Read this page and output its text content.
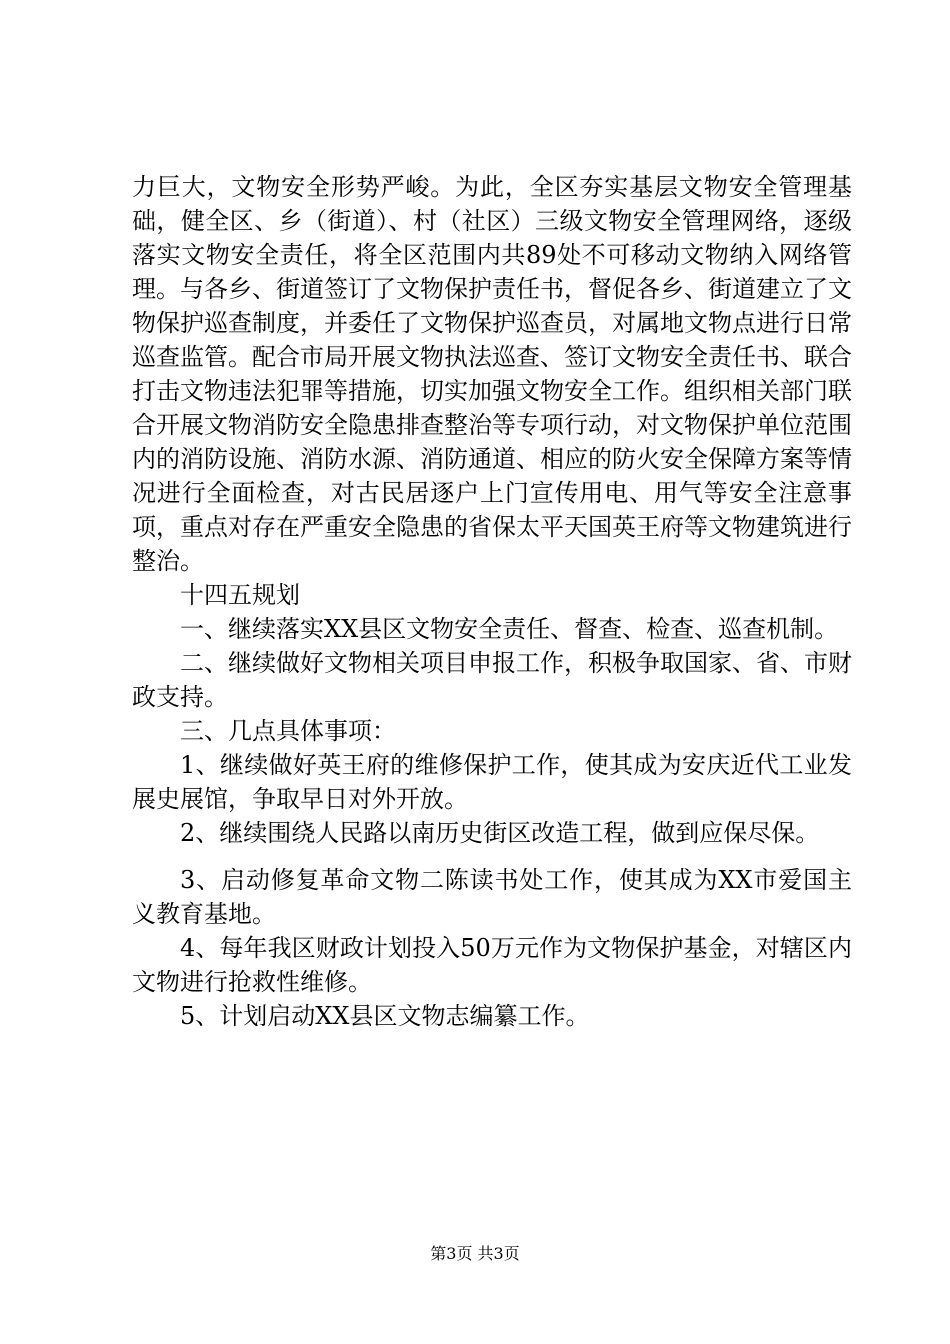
力巨大，文物安全形势严峻。为此，全区夯实基层文物安全管理基础，健全区、乡（街道）、村（社区）三级文物安全管理网络，逐级落实文物安全责任，将全区范围内共89处不可移动文物纳入网络管理。与各乡、街道签订了文物保护责任书，督促各乡、街道建立了文物保护巡查制度，并委任了文物保护巡查员，对属地文物点进行日常巡查监管。配合市局开展文物执法巡查、签订文物安全责任书、联合打击文物违法犯罪等措施，切实加强文物安全工作。组织相关部门联合开展文物消防安全隐患排查整治等专项行动，对文物保护单位范围内的消防设施、消防水源、消防通道、相应的防火安全保障方案等情况进行全面检查，对古民居逐户上门宣传用电、用气等安全注意事项，重点对存在严重安全隐患的省保太平天国英王府等文物建筑进行整治。

十四五规划

一、继续落实XX县区文物安全责任、督查、检查、巡查机制。

二、继续做好文物相关项目申报工作，积极争取国家、省、市财政支持。

三、几点具体事项：

1、继续做好英王府的维修保护工作，使其成为安庆近代工业发展史展馆，争取早日对外开放。

2、继续围绕人民路以南历史街区改造工程，做到应保尽保。

3、启动修复革命文物二陈读书处工作，使其成为XX市爱国主义教育基地。

4、每年我区财政计划投入50万元作为文物保护基金，对辖区内文物进行抢救性维修。

5、计划启动XX县区文物志编纂工作。

第3页 共3页
